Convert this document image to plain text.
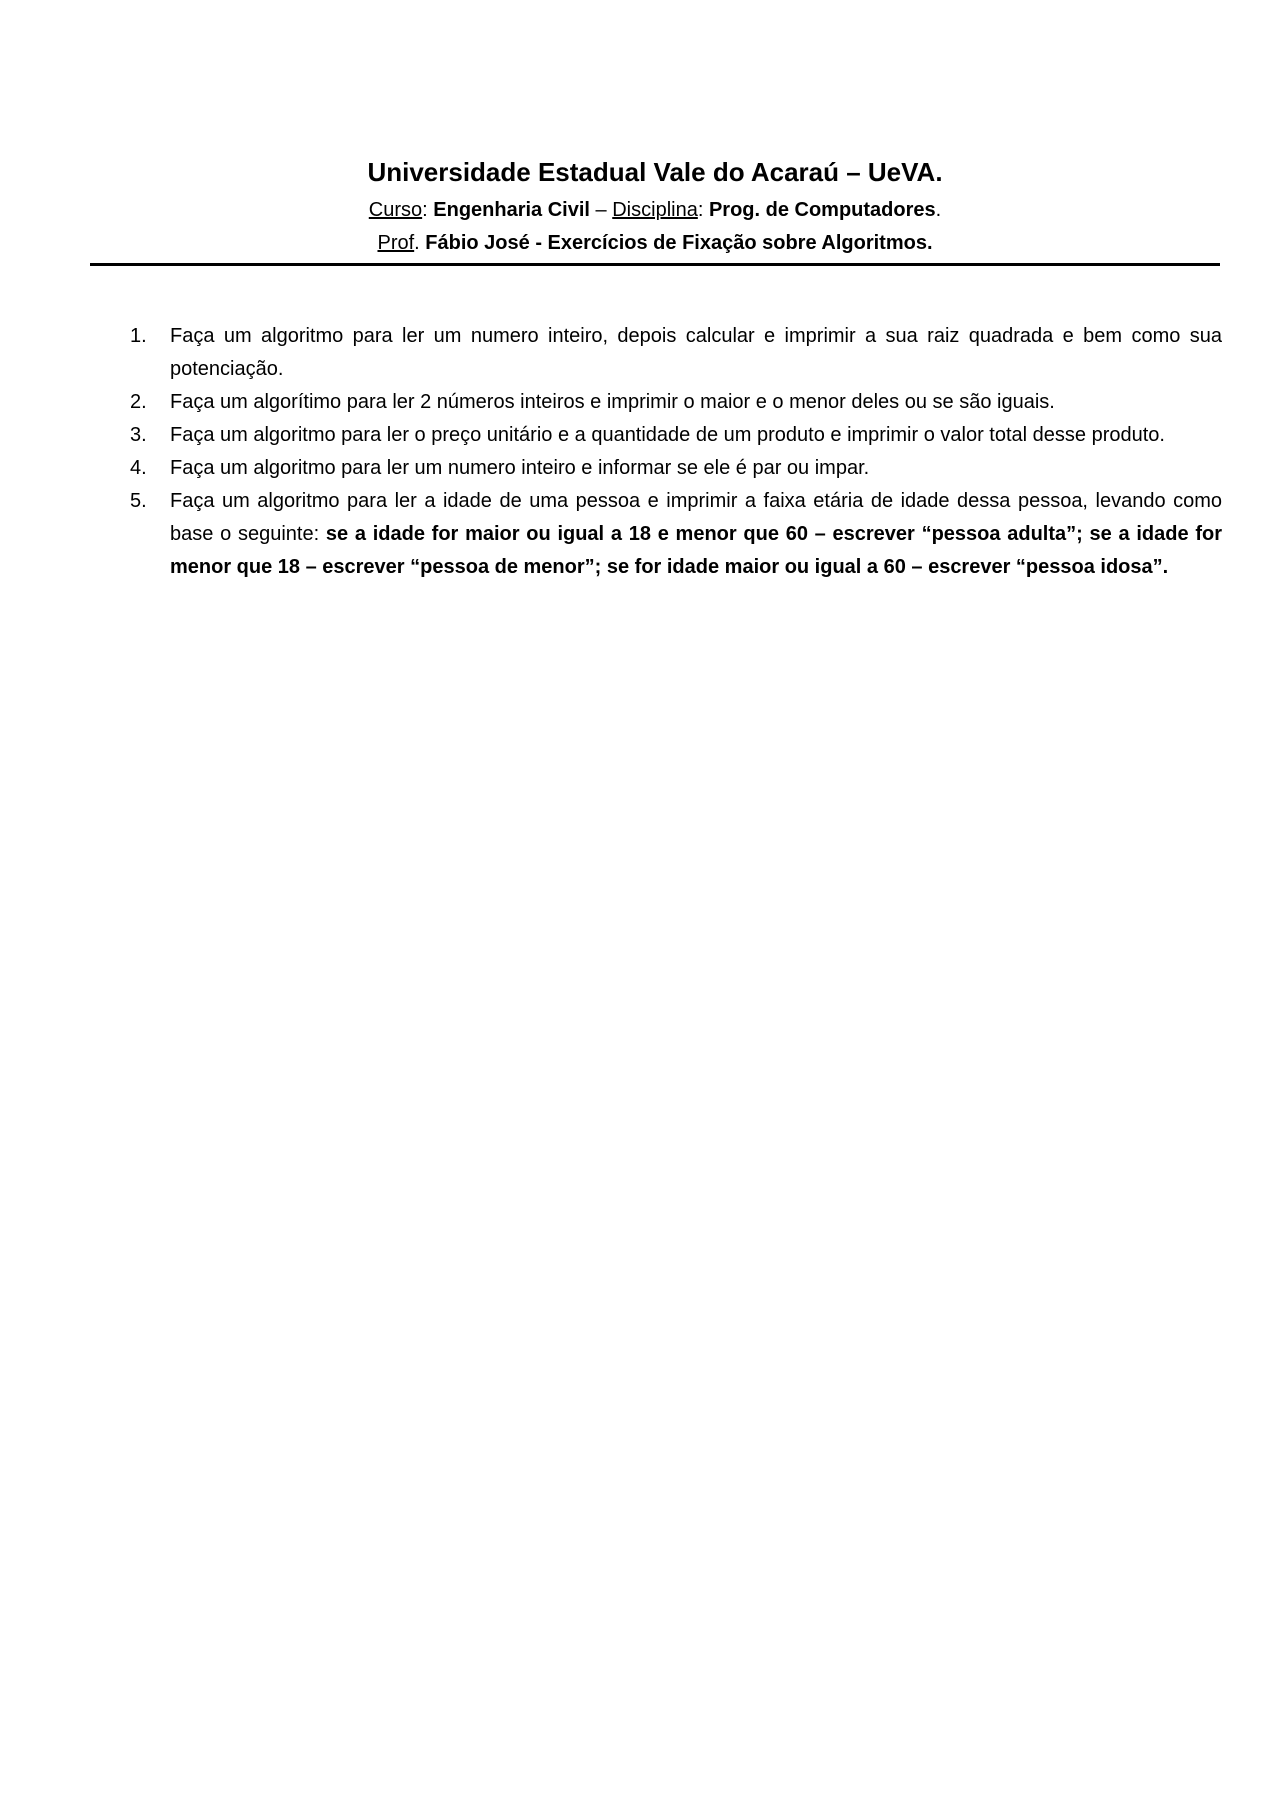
Universidade Estadual Vale do Acaraú – UeVA.

Curso: Engenharia Civil – Disciplina: Prog. de Computadores.

Prof. Fábio José - Exercícios de Fixação sobre Algoritmos.

1. Faça um algoritmo para ler um numero inteiro, depois calcular e imprimir a sua raiz quadrada e bem como sua potenciação.
2. Faça um algorítimo para ler 2 números inteiros e imprimir o maior e o menor deles ou se são iguais.
3. Faça um algoritmo para ler o preço unitário e a quantidade de um produto e imprimir o valor total desse produto.
4. Faça um algoritmo para ler um numero inteiro e informar se ele é par ou impar.
5. Faça um algoritmo para ler a idade de uma pessoa e imprimir a faixa etária de idade dessa pessoa, levando como base o seguinte: se a idade for maior ou igual a 18 e menor que 60 – escrever “pessoa adulta”; se a idade for menor que 18 – escrever “pessoa de menor”; se for idade maior ou igual a 60 – escrever “pessoa idosa”.
